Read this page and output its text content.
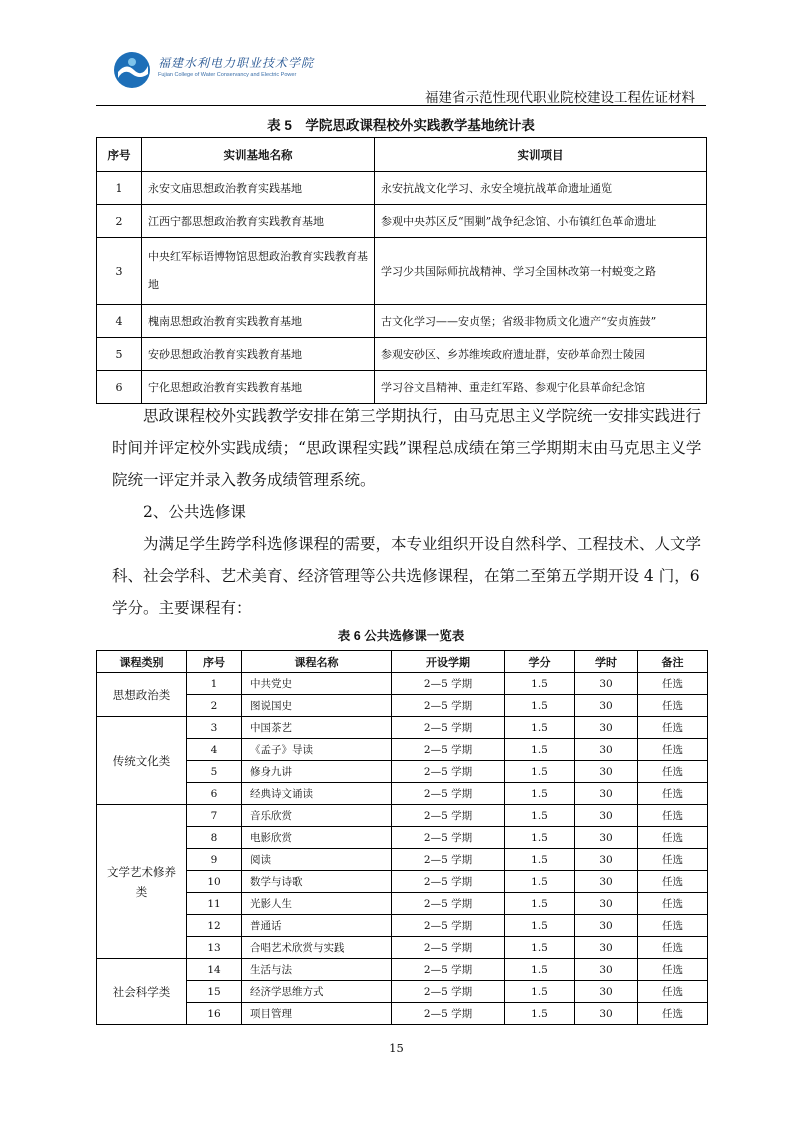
福建水利电力职业技术学院
Fujian College of Water Conservancy and Electric Power
福建省示范性现代职业院校建设工程佐证材料
表 5　学院思政课程校外实践教学基地统计表
序号	实训基地名称	实训项目
1	永安文庙思想政治教育实践基地	永安抗战文化学习、永安全境抗战革命遗址通览
2	江西宁都思想政治教育实践教育基地	参观中央苏区反“围剿”战争纪念馆、小布镇红色革命遗址
3	中央红军标语博物馆思想政治教育实践教育基地	学习少共国际师抗战精神、学习全国林改第一村蜕变之路
4	槐南思想政治教育实践教育基地	古文化学习——安贞堡；省级非物质文化遗产“安贞旌鼓”
5	安砂思想政治教育实践教育基地	参观安砂区、乡苏维埃政府遗址群，安砂革命烈士陵园
6	宁化思想政治教育实践教育基地	学习谷文昌精神、重走红军路、参观宁化县革命纪念馆

思政课程校外实践教学安排在第三学期执行，由马克思主义学院统一安排实践进行时间并评定校外实践成绩；“思政课程实践”课程总成绩在第三学期期末由马克思主义学院统一评定并录入教务成绩管理系统。

2、公共选修课

为满足学生跨学科选修课程的需要，本专业组织开设自然科学、工程技术、人文学科、社会学科、艺术美育、经济管理等公共选修课程，在第二至第五学期开设 4 门，6 学分。主要课程有：

表 6 公共选修课一览表
课程类别	序号	课程名称	开设学期	学分	学时	备注
思想政治类	1	中共党史	2—5 学期	1.5	30	任选
	2	图说国史	2—5 学期	1.5	30	任选
传统文化类	3	中国茶艺	2—5 学期	1.5	30	任选
	4	《孟子》导读	2—5 学期	1.5	30	任选
	5	修身九讲	2—5 学期	1.5	30	任选
	6	经典诗文诵读	2—5 学期	1.5	30	任选
文学艺术修养类	7	音乐欣赏	2—5 学期	1.5	30	任选
	8	电影欣赏	2—5 学期	1.5	30	任选
	9	阅读	2—5 学期	1.5	30	任选
	10	数学与诗歌	2—5 学期	1.5	30	任选
	11	光影人生	2—5 学期	1.5	30	任选
	12	普通话	2—5 学期	1.5	30	任选
	13	合唱艺术欣赏与实践	2—5 学期	1.5	30	任选
社会科学类	14	生活与法	2—5 学期	1.5	30	任选
	15	经济学思维方式	2—5 学期	1.5	30	任选
	16	项目管理	2—5 学期	1.5	30	任选
15
